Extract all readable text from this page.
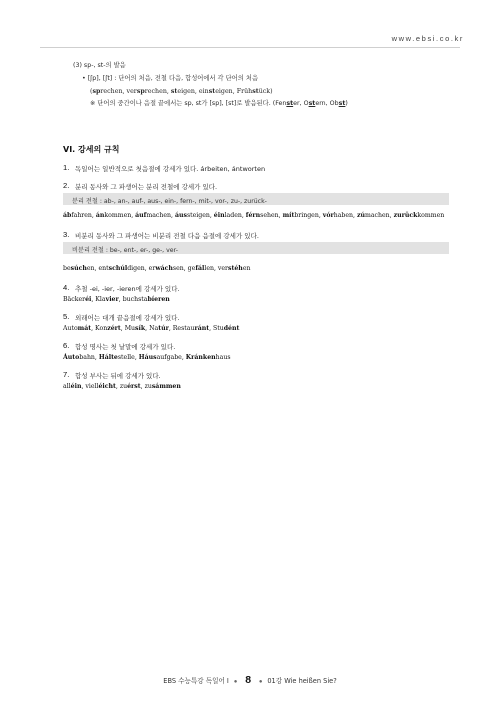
www.ebsi.co.kr
(3) sp-, st-의 발음
• [ʃp], [ʃt] : 단어의 처음, 전철 다음, 합성어에서 각 단어의 처음
(sprechen, versprechen, steigen, einsteigen, Frühstück)
※ 단어의 중간이나 음절 끝에서는 sp, st가 [sp], [st]로 발음된다. (Fenster, Ostern, Obst)
VI. 강세의 규칙
1. 독일어는 일반적으로 첫음절에 강세가 있다. árbeiten, ántworten
2. 분리 동사와 그 파생어는 분리 전철에 강세가 있다.
분리 전철 : ab-, an-, auf-, aus-, ein-, fern-, mit-, vor-, zu-, zurück-
ábfahren, ánkommen, áufmachen, áussteigen, éinladen, férnsehen, mítbringen, vórhaben, zúmachen, zurückkommen
3. 비분리 동사와 그 파생어는 비분리 전철 다음 음절에 강세가 있다.
비분리 전철 : be-, ent-, er-, ge-, ver-
besúchen, entschúldigen, erwáchsen, gefállen, verstéhen
4. 추철 -ei, -ier, -ieren에 강세가 있다.
Bäckeréi, Klavier, buchstabíeren
5. 외래어는 대개 끝음절에 강세가 있다.
Automát, Konzért, Musík, Natúr, Restauránt, Studént
6. 합성 명사는 첫 낱말에 강세가 있다.
Áutobahn, Háltestelle, Háusaufgabe, Kránkenhaus
7. 합성 부사는 뒤에 강세가 있다.
alléin, vielléicht, zuérst, zusámmen
EBS 수능특강 독일어 I ● 8 ● 01강 Wie heißen Sie?
